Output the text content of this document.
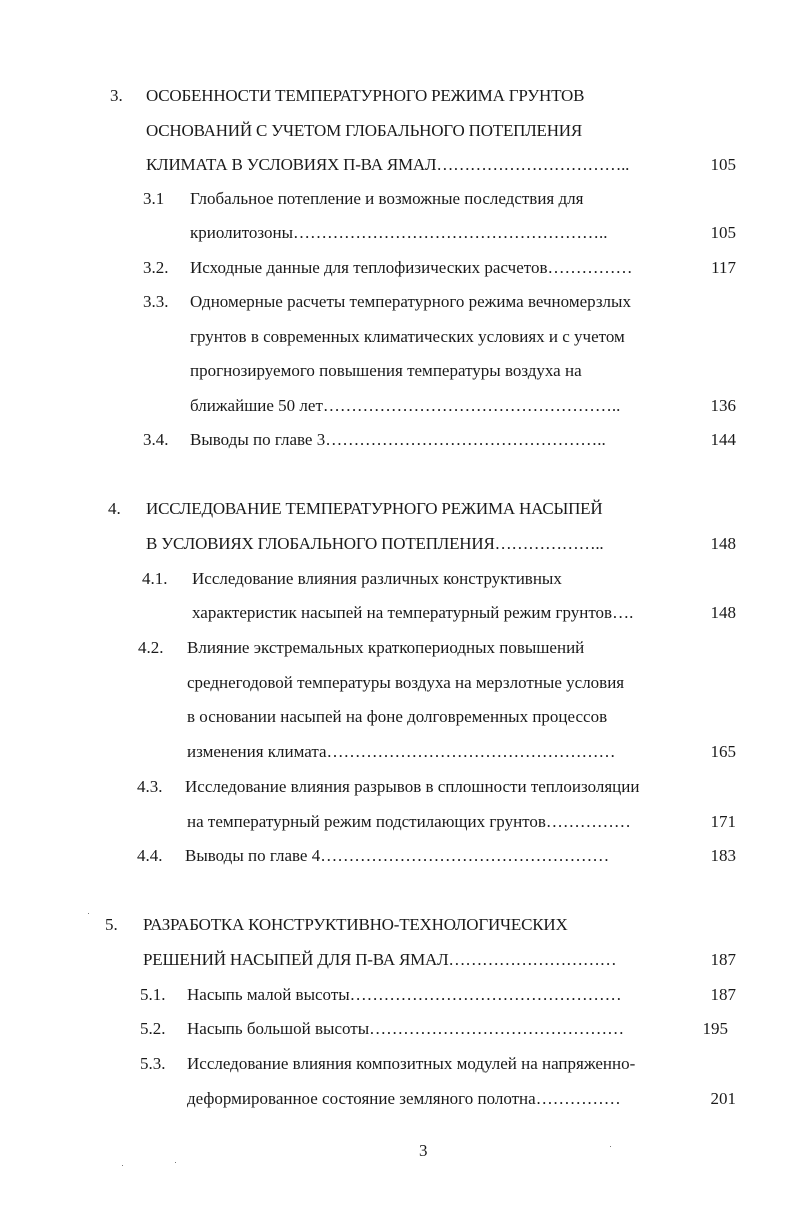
3. ОСОБЕННОСТИ ТЕМПЕРАТУРНОГО РЕЖИМА ГРУНТОВ
ОСНОВАНИЙ С УЧЕТОМ ГЛОБАЛЬНОГО ПОТЕПЛЕНИЯ
КЛИМАТА В УСЛОВИЯХ П-ВА ЯМАЛ……………………………..	105
3.1 Глобальное потепление и возможные последствия для
криолитозоны………………………………………………..	105
3.2. Исходные данные для теплофизических расчетов……………	117
3.3. Одномерные расчеты температурного режима вечномерзлых
грунтов в современных климатических условиях и с учетом
прогнозируемого повышения температуры воздуха на
ближайшие 50 лет……………………………………………..	136
3.4. Выводы по главе 3…………………………………………..	144
4. ИССЛЕДОВАНИЕ ТЕМПЕРАТУРНОГО РЕЖИМА НАСЫПЕЙ
В УСЛОВИЯХ ГЛОБАЛЬНОГО ПОТЕПЛЕНИЯ………………..	148
4.1. Исследование влияния различных конструктивных
характеристик насыпей на температурный режим грунтов….	148
4.2. Влияние экстремальных краткопериодных повышений
среднегодовой температуры воздуха на мерзлотные условия
в основании насыпей на фоне долговременных процессов
изменения климата……………………………………………	165
4.3. Исследование влияния разрывов в сплошности теплоизоляции
на температурный режим подстилающих грунтов……………	171
4.4. Выводы по главе 4……………………………………………	183
5. РАЗРАБОТКА КОНСТРУКТИВНО-ТЕХНОЛОГИЧЕСКИХ
РЕШЕНИЙ НАСЫПЕЙ ДЛЯ П-ВА ЯМАЛ…………………………	187
5.1. Насыпь малой высоты…………………………………………	187
5.2. Насыпь большой высоты………………………………………	195
5.3. Исследование влияния композитных модулей на напряженно-
деформированное состояние земляного полотна……………	201
3
